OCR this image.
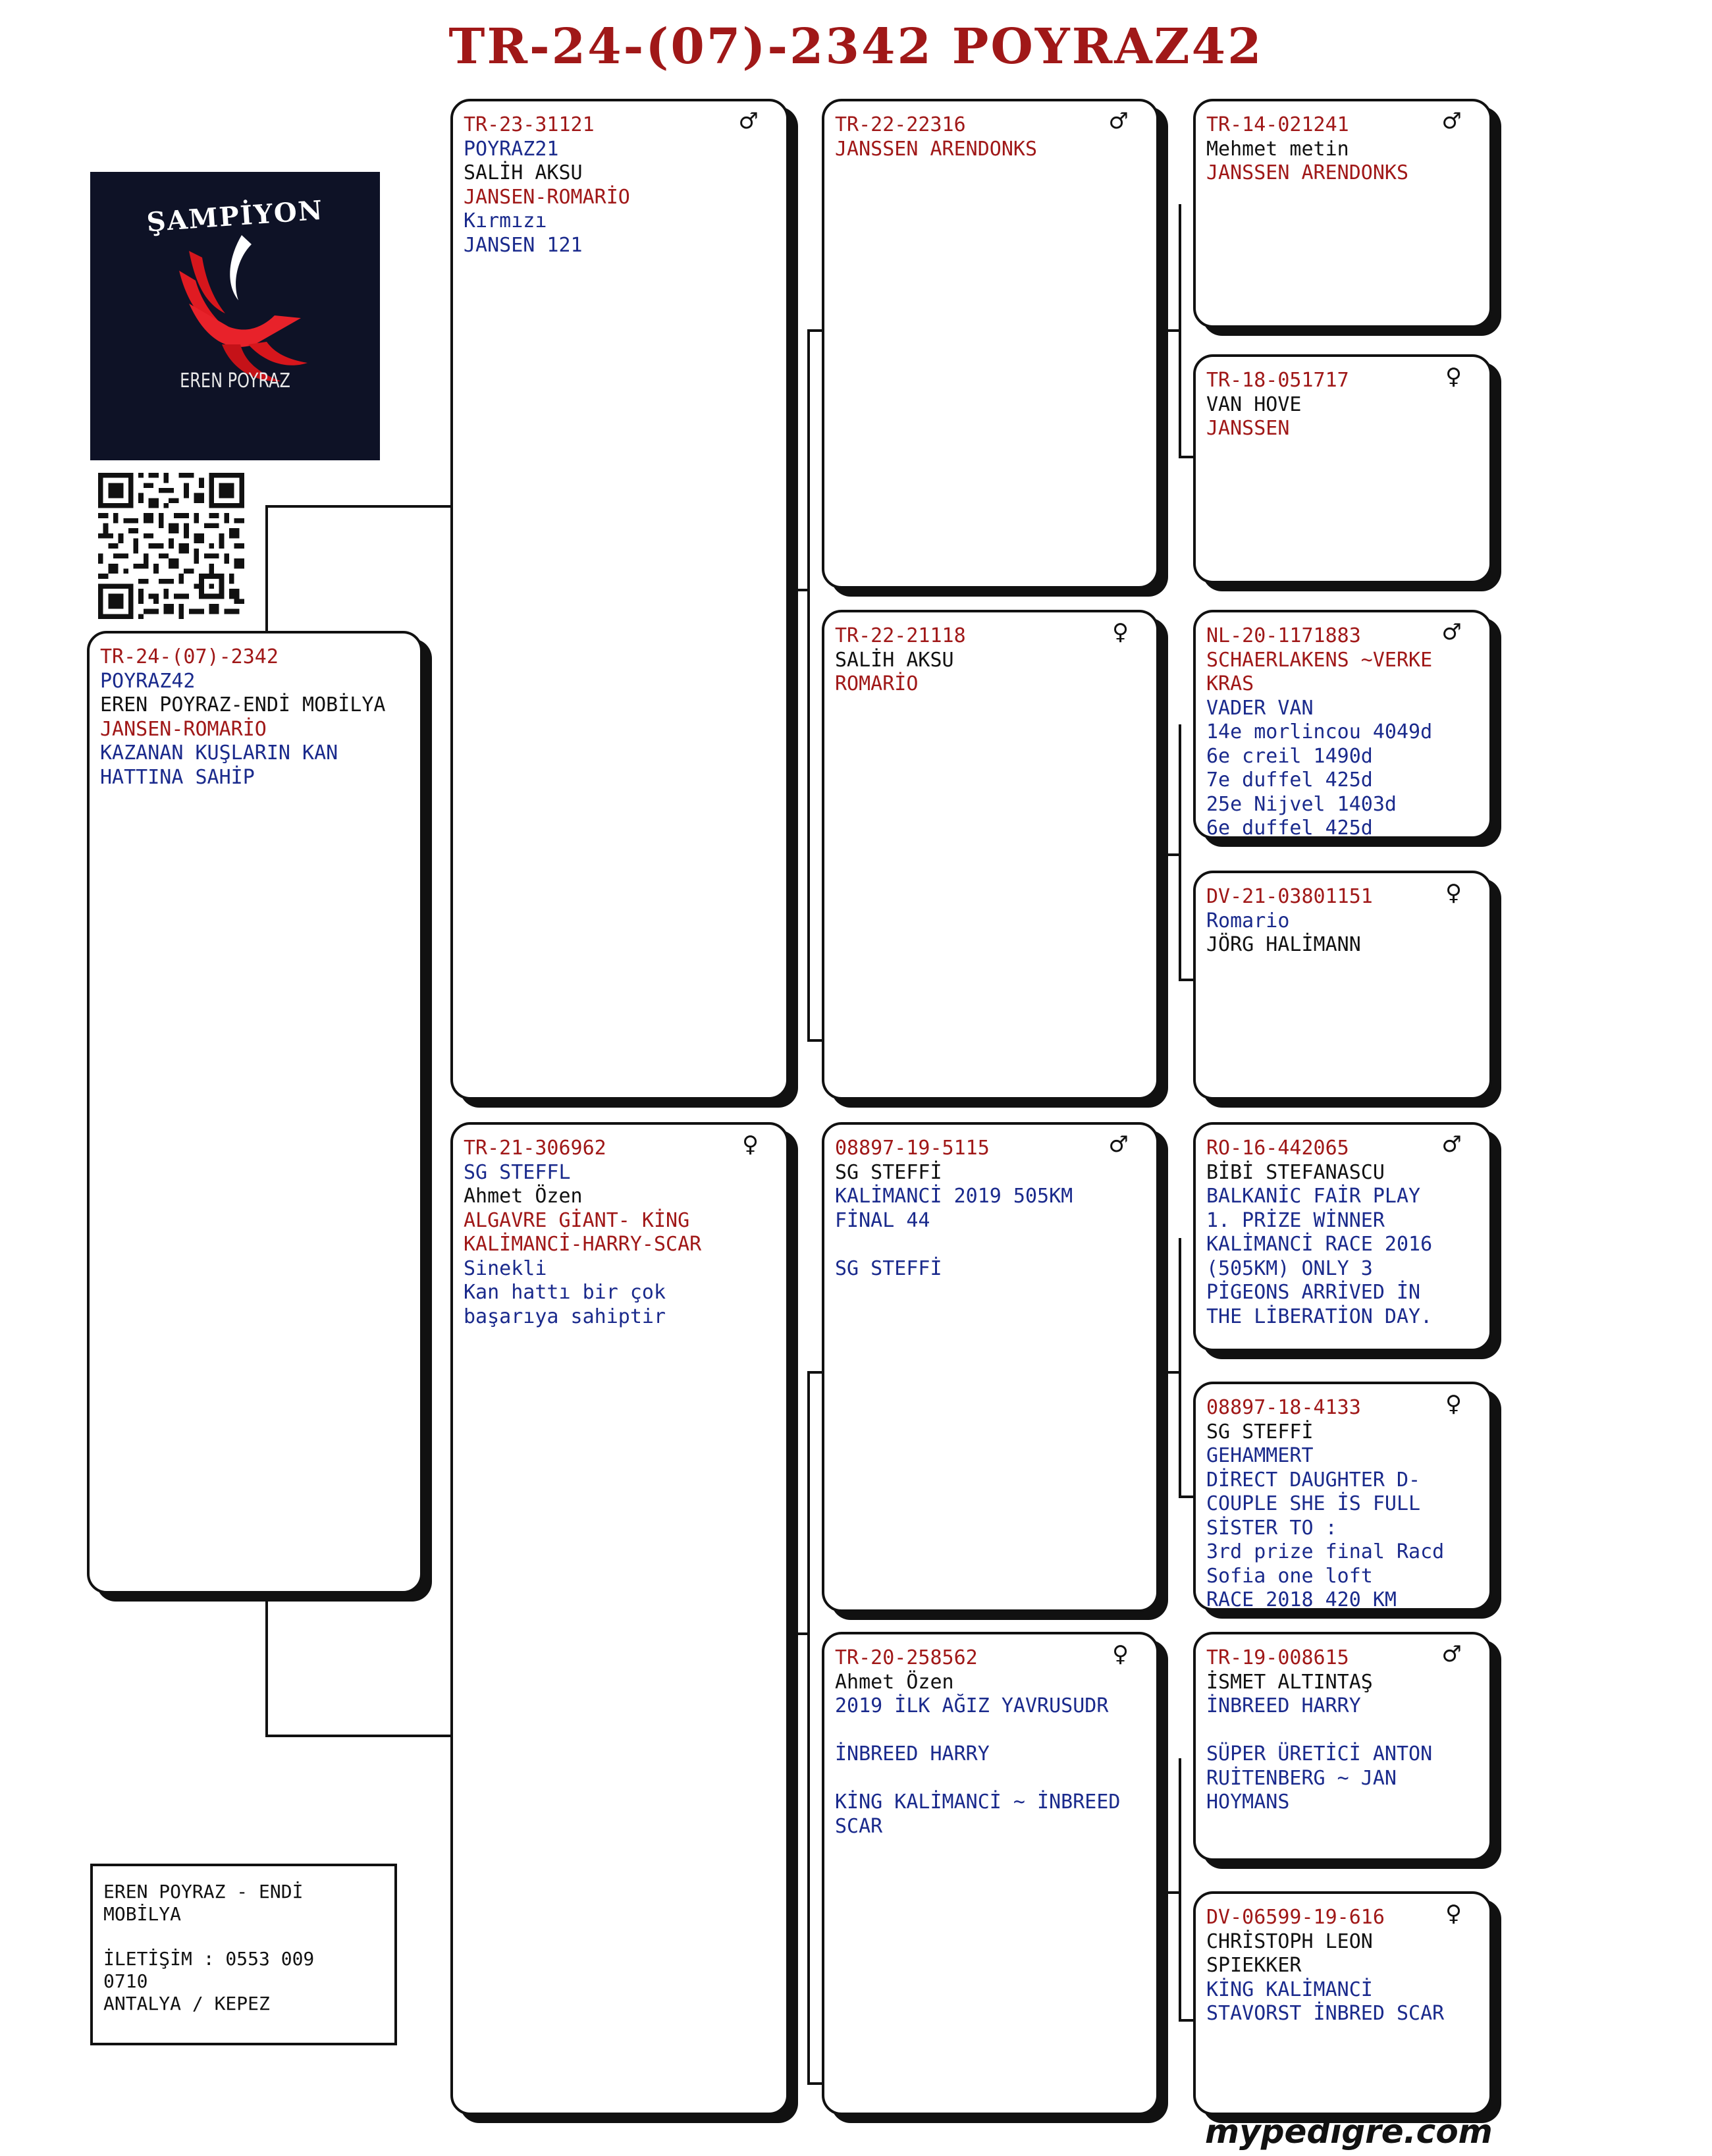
TR-24-(07)-2342 POYRAZ42
ŞAMPİYON
EREN POYRAZ
TR-24-(07)-2342
POYRAZ42
EREN POYRAZ-ENDİ MOBİLYA
JANSEN-ROMARİO
KAZANAN KUŞLARIN KAN
HATTINA SAHİP
TR-23-31121
POYRAZ21
SALİH AKSU
JANSEN-ROMARİO
Kırmızı
JANSEN 121
♂
TR-21-306962
SG STEFFL
Ahmet Özen
ALGAVRE GİANT- KİNG
KALİMANCİ-HARRY-SCAR
Sinekli
Kan hattı bir çok
başarıya sahiptir
♀
TR-22-22316
JANSSEN ARENDONKS
♂
TR-22-21118
SALİH AKSU
ROMARİO
♀
08897-19-5115
SG STEFFİ
KALİMANCİ 2019 505KM
FİNAL 44

SG STEFFİ
♂
TR-20-258562
Ahmet Özen
2019 İLK AĞIZ YAVRUSUDR

İNBREED HARRY

KİNG KALİMANCİ ~ İNBREED
SCAR
♀
TR-14-021241
Mehmet metin
JANSSEN ARENDONKS
♂
TR-18-051717
VAN HOVE
JANSSEN
♀
NL-20-1171883
SCHAERLAKENS ~VERKE
KRAS
VADER VAN
14e morlincou 4049d
6e creil 1490d
7e duffel 425d
25e Nijvel 1403d
6e duffel 425d
♂
DV-21-03801151
Romario
JÖRG HALİMANN
♀
RO-16-442065
BİBİ STEFANASCU
BALKANİC FAİR PLAY
1. PRİZE WİNNER
KALİMANCİ RACE 2016
(505KM) ONLY 3
PİGEONS ARRİVED İN
THE LİBERATİON DAY.
♂
08897-18-4133
SG STEFFİ
GEHAMMERT
DİRECT DAUGHTER D-
COUPLE SHE İS FULL
SİSTER TO :
3rd prize final Racd
Sofia one loft
RACE 2018 420 KM
♀
TR-19-008615
İSMET ALTINTAŞ
İNBREED HARRY

SÜPER ÜRETİCİ ANTON
RUİTENBERG ~ JAN
HOYMANS
♂
DV-06599-19-616
CHRİSTOPH LEON
SPIEKKER
KİNG KALİMANCİ
STAVORST İNBRED SCAR
♀
EREN POYRAZ - ENDİ
MOBİLYA

İLETİŞİM : 0553 009
0710
ANTALYA / KEPEZ
mypedigre.com
